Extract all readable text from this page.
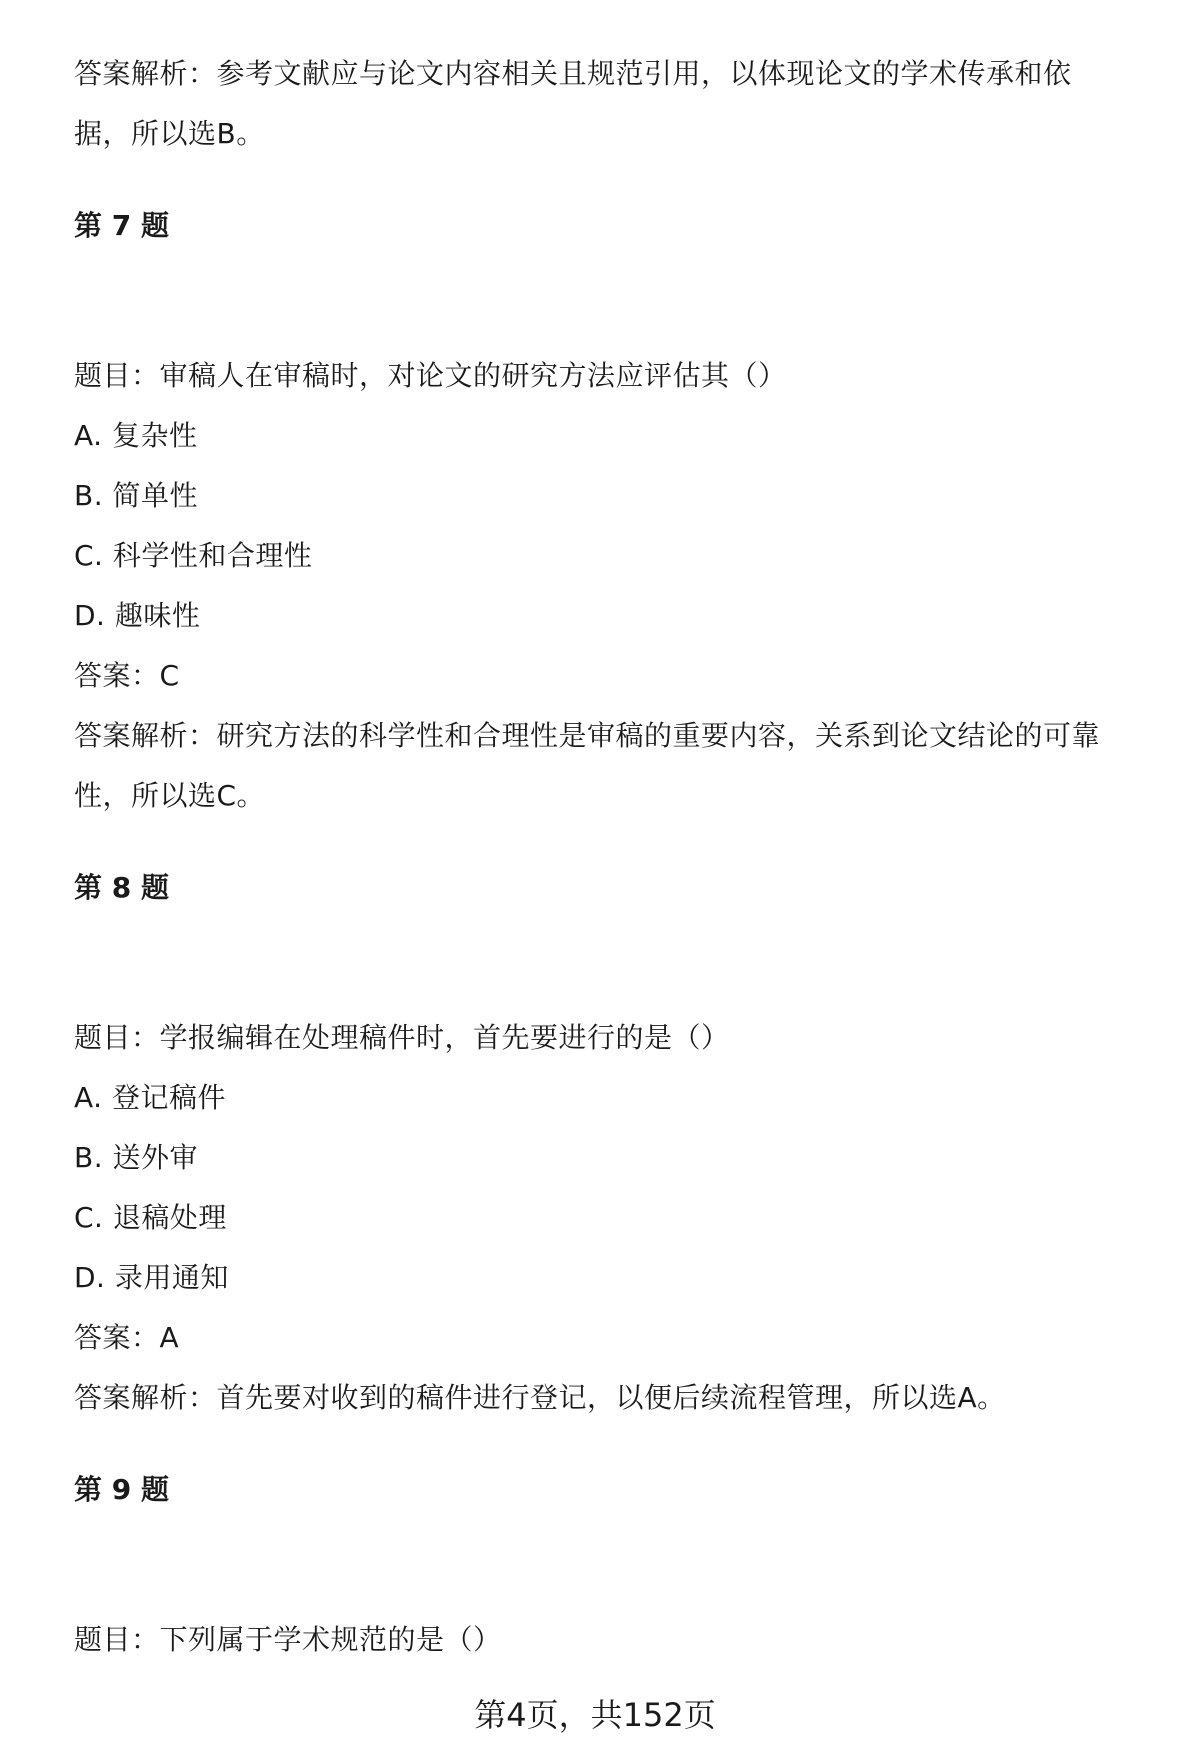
答案解析：参考文献应与论文内容相关且规范引用，以体现论文的学术传承和依
据，所以选B。
第 7 题
题目：审稿人在审稿时，对论文的研究方法应评估其（）
A. 复杂性
B. 简单性
C. 科学性和合理性
D. 趣味性
答案：C
答案解析：研究方法的科学性和合理性是审稿的重要内容，关系到论文结论的可靠
性，所以选C。
第 8 题
题目：学报编辑在处理稿件时，首先要进行的是（）
A. 登记稿件
B. 送外审
C. 退稿处理
D. 录用通知
答案：A
答案解析：首先要对收到的稿件进行登记，以便后续流程管理，所以选A。
第 9 题
题目：下列属于学术规范的是（）
第4页，共152页
